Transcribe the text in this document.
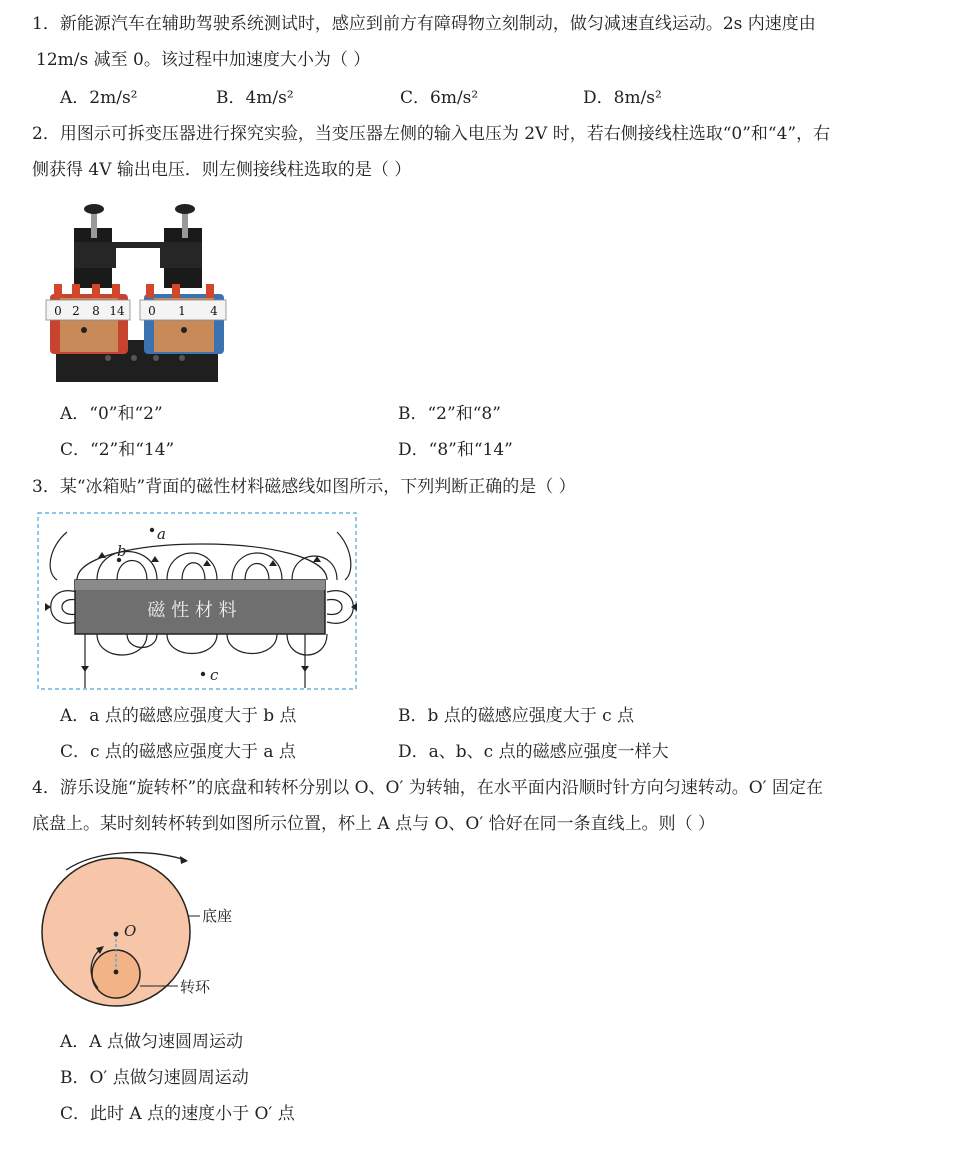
1．新能源汽车在辅助驾驶系统测试时，感应到前方有障碍物立刻制动，做匀减速直线运动。2s 内速度由
12m/s 减至 0。该过程中加速度大小为（ ）
A．2m/s²	B．4m/s²	C．6m/s²	D．8m/s²
2．用图示可拆变压器进行探究实验，当变压器左侧的输入电压为 2V 时，若右侧接线柱选取“0”和“4”，右
侧获得 4V 输出电压．则左侧接线柱选取的是（ ）
0 2 8 14 0 1 4
A．“0”和“2”	B．“2”和“8”
C．“2”和“14”	D．“8”和“14”
3．某“冰箱贴”背面的磁性材料磁感线如图所示，下列判断正确的是（ ）
磁 性 材 料
a
b
c
A．a 点的磁感应强度大于 b 点	B．b 点的磁感应强度大于 c 点
C．c 点的磁感应强度大于 a 点	D．a、b、c 点的磁感应强度一样大
4．游乐设施“旋转杯”的底盘和转杯分别以 O、O′ 为转轴，在水平面内沿顺时针方向匀速转动。O′ 固定在
底盘上。某时刻转杯转到如图所示位置，杯上 A 点与 O、O′ 恰好在同一条直线上。则（ ）
O
底座
转环
A．A 点做匀速圆周运动
B．O′ 点做匀速圆周运动
C．此时 A 点的速度小于 O′ 点
